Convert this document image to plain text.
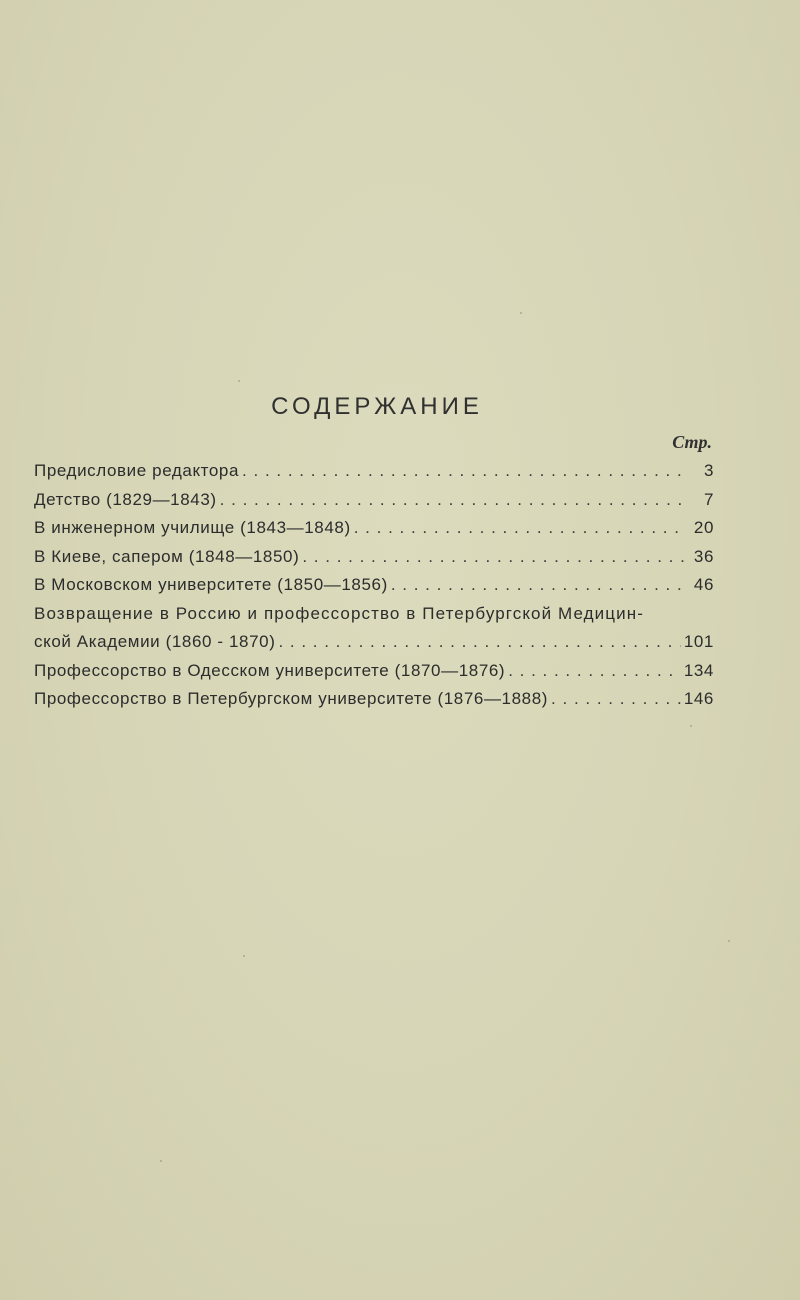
СОДЕРЖАНИЕ
Стр.
Предисловие редактора . . .	3
Детство (1829—1843) . . .	7
В инженерном училище (1843—1848) . . .	20
В Киеве, сапером (1848—1850) . . .	36
В Московском университете (1850—1856) . . .	46
Возвращение в Россию и профессорство в Петербургской Медицин-
ской Академии (1860 - 1870) . . .	101
Профессорство в Одесском университете (1870—1876) . . .	134
Профессорство в Петербургском университете (1876—1888) . . .	146
